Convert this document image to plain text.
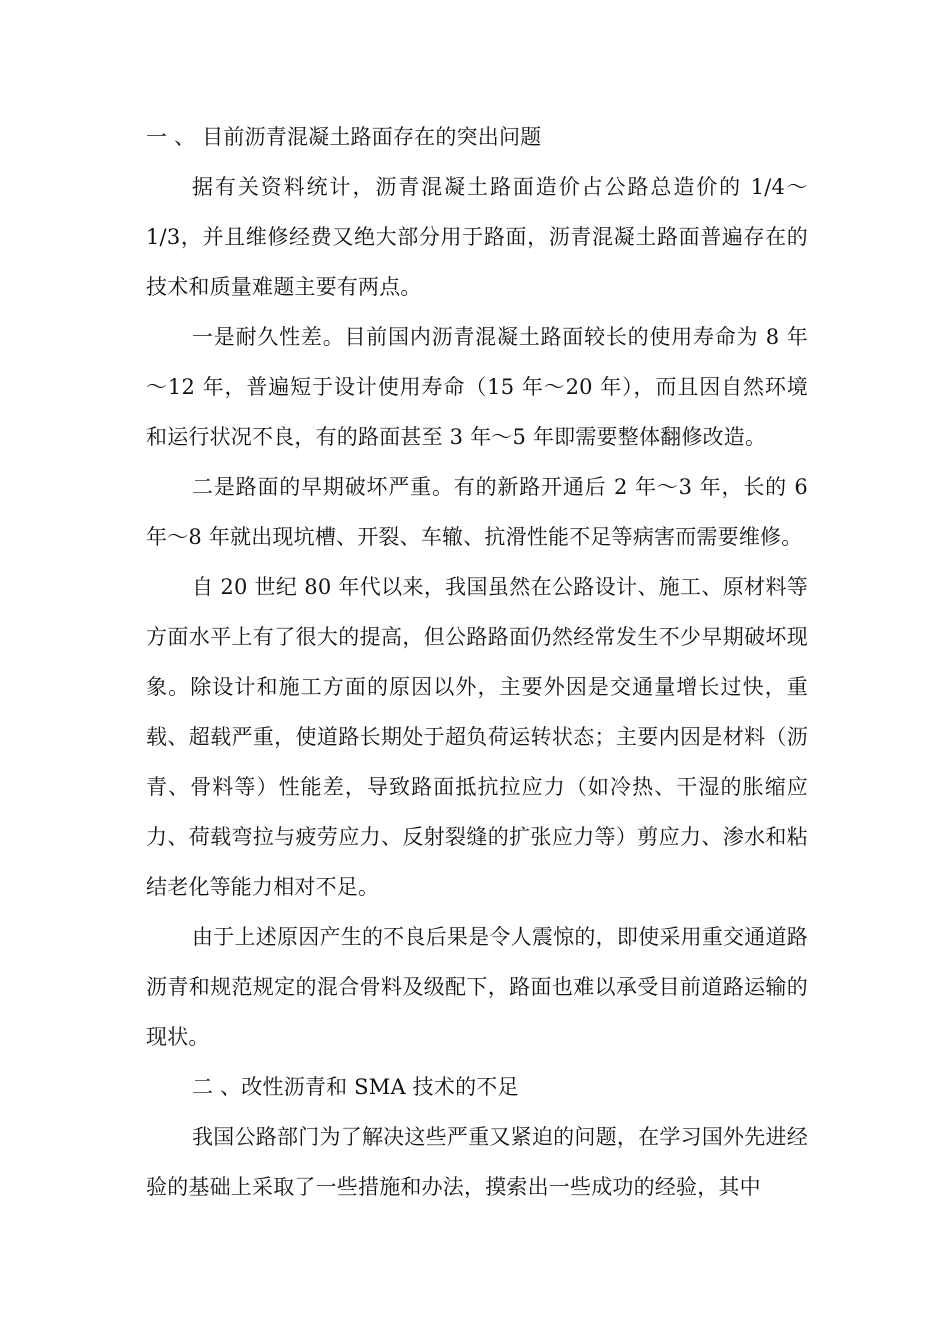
一 、 目前沥青混凝土路面存在的突出问题

据有关资料统计，沥青混凝土路面造价占公路总造价的 1/4～1/3，并且维修经费又绝大部分用于路面，沥青混凝土路面普遍存在的技术和质量难题主要有两点。

一是耐久性差。目前国内沥青混凝土路面较长的使用寿命为 8 年～12 年，普遍短于设计使用寿命（15 年～20 年），而且因自然环境和运行状况不良，有的路面甚至 3 年～5 年即需要整体翻修改造。

二是路面的早期破坏严重。有的新路开通后 2 年～3 年，长的 6 年～8 年就出现坑槽、开裂、车辙、抗滑性能不足等病害而需要维修。

自 20 世纪 80 年代以来，我国虽然在公路设计、施工、原材料等方面水平上有了很大的提高，但公路路面仍然经常发生不少早期破坏现象。除设计和施工方面的原因以外，主要外因是交通量增长过快，重载、超载严重，使道路长期处于超负荷运转状态；主要内因是材料（沥青、骨料等）性能差，导致路面抵抗拉应力（如冷热、干湿的胀缩应力、荷载弯拉与疲劳应力、反射裂缝的扩张应力等）剪应力、渗水和粘结老化等能力相对不足。

由于上述原因产生的不良后果是令人震惊的，即使采用重交通道路沥青和规范规定的混合骨料及级配下，路面也难以承受目前道路运输的现状。

二 、改性沥青和 SMA 技术的不足

我国公路部门为了解决这些严重又紧迫的问题，在学习国外先进经验的基础上采取了一些措施和办法，摸索出一些成功的经验，其中
